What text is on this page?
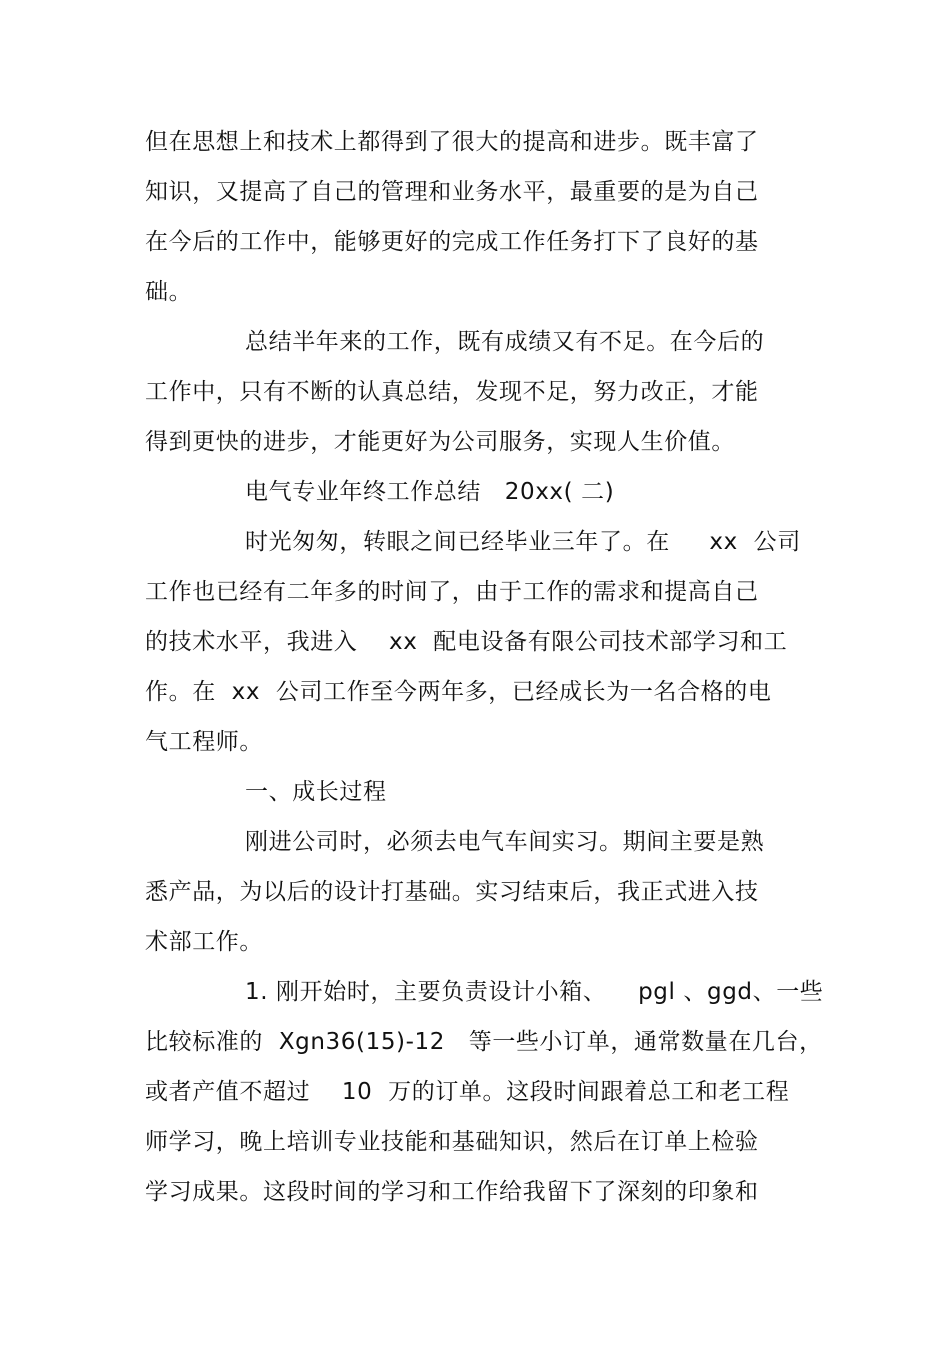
但在思想上和技术上都得到了很大的提高和进步。既丰富了
知识，又提高了自己的管理和业务水平，最重要的是为自己
在今后的工作中，能够更好的完成工作任务打下了良好的基
础。
总结半年来的工作，既有成绩又有不足。在今后的
工作中，只有不断的认真总结，发现不足，努力改正，才能
得到更快的进步，才能更好为公司服务，实现人生价值。
电气专业年终工作总结   20xx( 二)
时光匆匆，转眼之间已经毕业三年了。在     xx  公司
工作也已经有二年多的时间了，由于工作的需求和提高自己
的技术水平，我进入    xx  配电设备有限公司技术部学习和工
作。在  xx  公司工作至今两年多，已经成长为一名合格的电
气工程师。
一、成长过程
刚进公司时，必须去电气车间实习。期间主要是熟
悉产品，为以后的设计打基础。实习结束后，我正式进入技
术部工作。
1. 刚开始时，主要负责设计小箱、    pgl 、ggd、一些
比较标准的  Xgn36(15)-12   等一些小订单，通常数量在几台，
或者产值不超过    10  万的订单。这段时间跟着总工和老工程
师学习，晚上培训专业技能和基础知识，然后在订单上检验
学习成果。这段时间的学习和工作给我留下了深刻的印象和
